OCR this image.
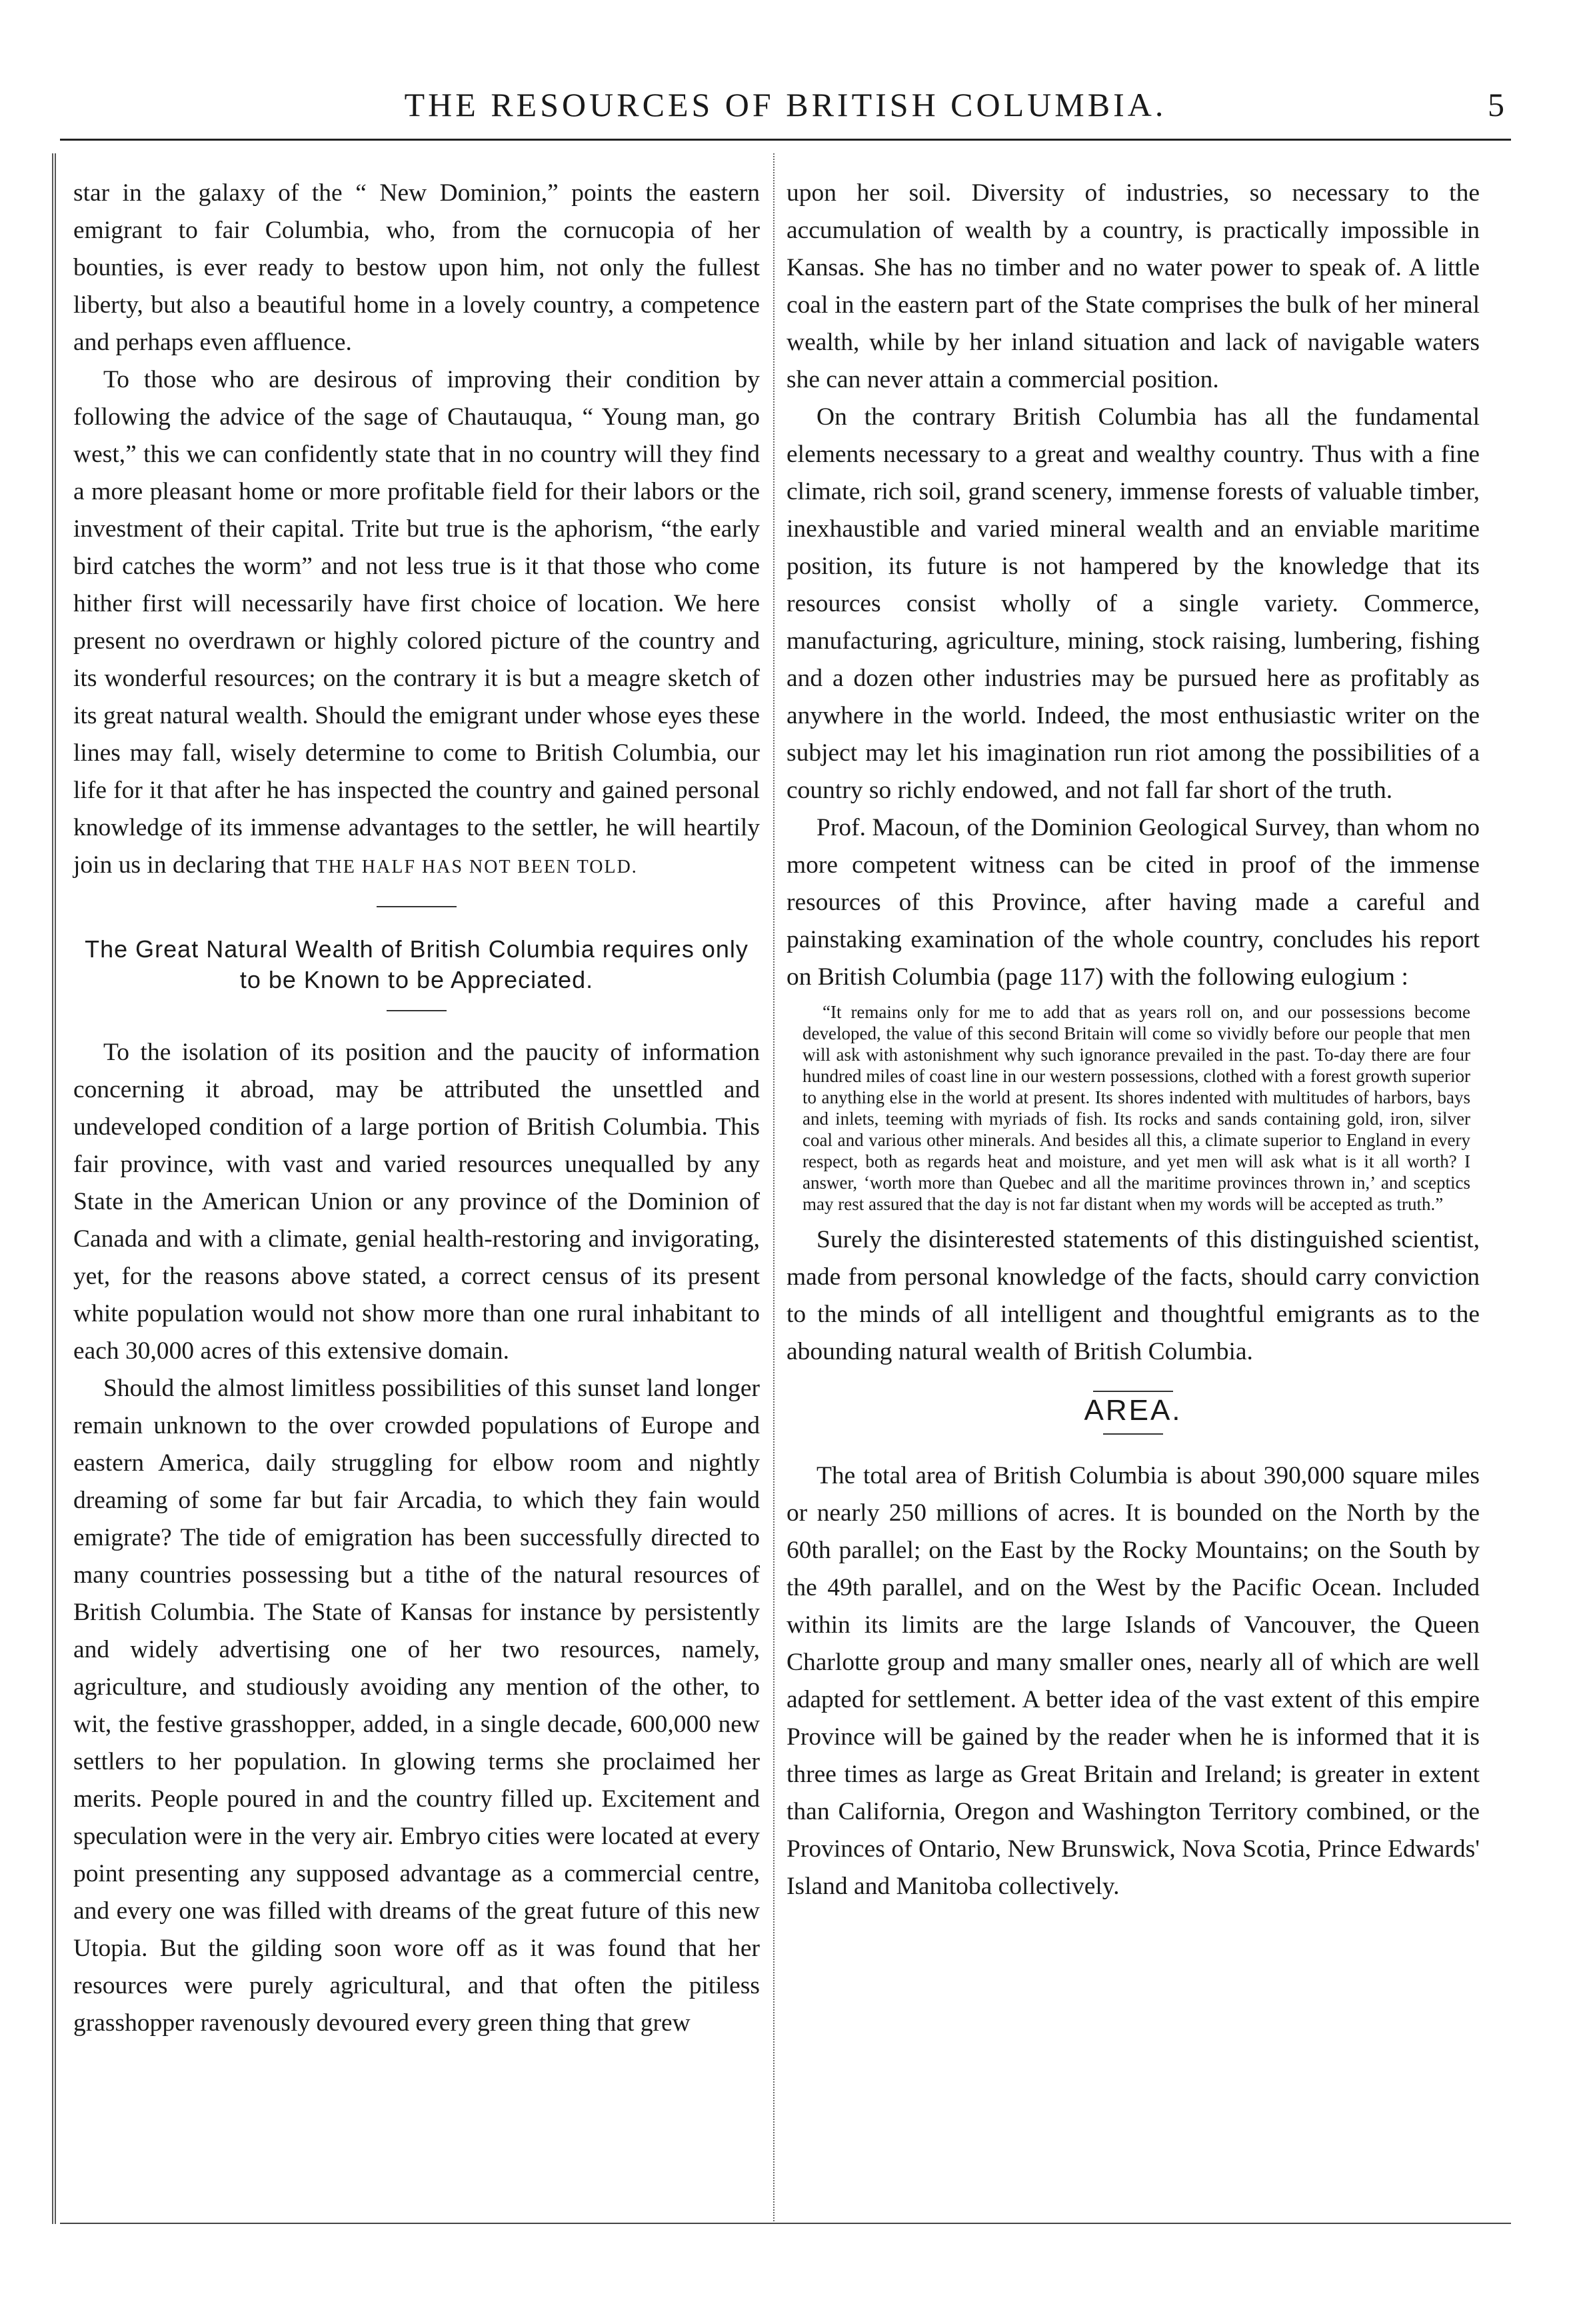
THE RESOURCES OF BRITISH COLUMBIA.	5

star in the galaxy of the “ New Dominion,” points the eastern emigrant to fair Columbia, who, from the cornucopia of her bounties, is ever ready to bestow upon him, not only the fullest liberty, but also a beautiful home in a lovely country, a competence and perhaps even affluence.

To those who are desirous of improving their condition by following the advice of the sage of Chautauqua, “ Young man, go west,” this we can confidently state that in no country will they find a more pleasant home or more profitable field for their labors or the investment of their capital. Trite but true is the aphorism, “the early bird catches the worm” and not less true is it that those who come hither first will necessarily have first choice of location. We here present no overdrawn or highly colored picture of the country and its wonderful resources; on the contrary it is but a meagre sketch of its great natural wealth. Should the emigrant under whose eyes these lines may fall, wisely determine to come to British Columbia, our life for it that after he has inspected the country and gained personal knowledge of its immense advantages to the settler, he will heartily join us in declaring that THE HALF HAS NOT BEEN TOLD.

The Great Natural Wealth of British Columbia requires only to be Known to be Appreciated.

To the isolation of its position and the paucity of information concerning it abroad, may be attributed the unsettled and undeveloped condition of a large portion of British Columbia. This fair province, with vast and varied resources unequalled by any State in the American Union or any province of the Dominion of Canada and with a climate, genial health-restoring and invigorating, yet, for the reasons above stated, a correct census of its present white population would not show more than one rural inhabitant to each 30,000 acres of this extensive domain.

Should the almost limitless possibilities of this sunset land longer remain unknown to the over crowded populations of Europe and eastern America, daily struggling for elbow room and nightly dreaming of some far but fair Arcadia, to which they fain would emigrate? The tide of emigration has been successfully directed to many countries possessing but a tithe of the natural resources of British Columbia. The State of Kansas for instance by persistently and widely advertising one of her two resources, namely, agriculture, and studiously avoiding any mention of the other, to wit, the festive grasshopper, added, in a single decade, 600,000 new settlers to her population. In glowing terms she proclaimed her merits. People poured in and the country filled up. Excitement and speculation were in the very air. Embryo cities were located at every point presenting any supposed advantage as a commercial centre, and every one was filled with dreams of the great future of this new Utopia. But the gilding soon wore off as it was found that her resources were purely agricultural, and that often the pitiless grasshopper ravenously devoured every green thing that grew

upon her soil. Diversity of industries, so necessary to the accumulation of wealth by a country, is practically impossible in Kansas. She has no timber and no water power to speak of. A little coal in the eastern part of the State comprises the bulk of her mineral wealth, while by her inland situation and lack of navigable waters she can never attain a commercial position.

On the contrary British Columbia has all the fundamental elements necessary to a great and wealthy country. Thus with a fine climate, rich soil, grand scenery, immense forests of valuable timber, inexhaustible and varied mineral wealth and an enviable maritime position, its future is not hampered by the knowledge that its resources consist wholly of a single variety. Commerce, manufacturing, agriculture, mining, stock raising, lumbering, fishing and a dozen other industries may be pursued here as profitably as anywhere in the world. Indeed, the most enthusiastic writer on the subject may let his imagination run riot among the possibilities of a country so richly endowed, and not fall far short of the truth.

Prof. Macoun, of the Dominion Geological Survey, than whom no more competent witness can be cited in proof of the immense resources of this Province, after having made a careful and painstaking examination of the whole country, concludes his report on British Columbia (page 117) with the following eulogium :

“It remains only for me to add that as years roll on, and our possessions become developed, the value of this second Britain will come so vividly before our people that men will ask with astonishment why such ignorance prevailed in the past. To-day there are four hundred miles of coast line in our western possessions, clothed with a forest growth superior to anything else in the world at present. Its shores indented with multitudes of harbors, bays and inlets, teeming with myriads of fish. Its rocks and sands containing gold, iron, silver coal and various other minerals. And besides all this, a climate superior to England in every respect, both as regards heat and moisture, and yet men will ask what is it all worth? I answer, ‘worth more than Quebec and all the maritime provinces thrown in,’ and sceptics may rest assured that the day is not far distant when my words will be accepted as truth.”

Surely the disinterested statements of this distinguished scientist, made from personal knowledge of the facts, should carry conviction to the minds of all intelligent and thoughtful emigrants as to the abounding natural wealth of British Columbia.

AREA.

The total area of British Columbia is about 390,000 square miles or nearly 250 millions of acres. It is bounded on the North by the 60th parallel; on the East by the Rocky Mountains; on the South by the 49th parallel, and on the West by the Pacific Ocean. Included within its limits are the large Islands of Vancouver, the Queen Charlotte group and many smaller ones, nearly all of which are well adapted for settlement. A better idea of the vast extent of this empire Province will be gained by the reader when he is informed that it is three times as large as Great Britain and Ireland; is greater in extent than California, Oregon and Washington Territory combined, or the Provinces of Ontario, New Brunswick, Nova Scotia, Prince Edwards' Island and Manitoba collectively.
